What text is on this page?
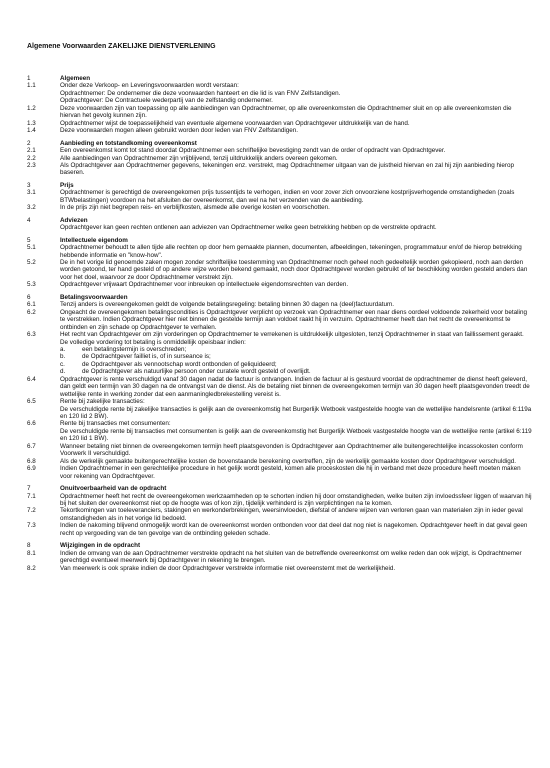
Algemene Voorwaarden ZAKELIJKE DIENSTVERLENING
1	Algemeen
1.1	Onder deze Verkoop- en Leveringsvoorwaarden wordt verstaan:
Opdrachtnemer: De ondernemer die deze voorwaarden hanteert en die lid is van FNV Zelfstandigen.
Opdrachtgever: De Contractuele wederpartij van de zelfstandig ondernemer.
1.2	Deze voorwaarden zijn van toepassing op alle aanbiedingen van Opdrachtnemer, op alle overeenkomsten die Opdrachtnemer sluit en op alle overeenkomsten die hiervan het gevolg kunnen zijn.
1.3	Opdrachtnemer wijst de toepasselijkheid van eventuele algemene voorwaarden van Opdrachtgever uitdrukkelijk van de hand.
1.4	Deze voorwaarden mogen alleen gebruikt worden door leden van FNV Zelfstandigen.
2	Aanbieding en totstandkoming overeenkomst
2.1	Een overeenkomst komt tot stand doordat Opdrachtnemer een schriftelijke bevestiging zendt van de order of opdracht van Opdrachtgever.
2.2	Alle aanbiedingen van Opdrachtnemer zijn vrijblijvend, tenzij uitdrukkelijk anders overeen gekomen.
2.3	Als Opdrachtgever aan Opdrachtnemer gegevens, tekeningen enz. verstrekt, mag Opdrachtnemer uitgaan van de juistheid hiervan en zal hij zijn aanbieding hierop baseren.
3	Prijs
3.1	Opdrachtnemer is gerechtigd de overeengekomen prijs tussentijds te verhogen, indien en voor zover zich onvoorziene kostprijsverhogende omstandigheden (zoals BTWbelastingen) voordoen na het afsluiten der overeenkomst, dan wel na het verzenden van de aanbieding.
3.2	In de prijs zijn niet begrepen reis- en verblijfkosten, alsmede alle overige kosten en voorschotten.
4	Adviezen
Opdrachtgever kan geen rechten ontlenen aan adviezen van Opdrachtnemer welke geen betrekking hebben op de verstrekte opdracht.
5	Intellectuele eigendom
5.1	Opdrachtnemer behoudt te allen tijde alle rechten op door hem gemaakte plannen, documenten, afbeeldingen, tekeningen, programmatuur en/of de hierop betrekking hebbende informatie en "know-how".
5.2	De in het vorige lid genoemde zaken mogen zonder schriftelijke toestemming van Opdrachtnemer noch geheel noch gedeeltelijk worden gekopieerd, noch aan derden worden getoond, ter hand gesteld of op andere wijze worden bekend gemaakt, noch door Opdrachtgever worden gebruikt of ter beschikking worden gesteld anders dan voor het doel, waarvoor ze door Opdrachtnemer verstrekt zijn.
5.3	Opdrachtgever vrijwaart Opdrachtnemer voor inbreuken op intellectuele eigendomsrechten van derden.
6	Betalingsvoorwaarden
6.1	Tenzij anders is overeengekomen geldt de volgende betalingsregeling: betaling binnen 30 dagen na (deel)factuurdatum.
6.2	Ongeacht de overeengekomen betalingscondities is Opdrachtgever verplicht op verzoek van Opdrachtnemer een naar diens oordeel voldoende zekerheid voor betaling te verstrekken. Indien Opdrachtgever hier niet binnen de gestelde termijn aan voldoet raakt hij in verzuim. Opdrachtnemer heeft dan het recht de overeenkomst te ontbinden en zijn schade op Opdrachtgever te verhalen.
6.3	Het recht van Opdrachtgever om zijn vorderingen op Opdrachtnemer te verrekenen is uitdrukkelijk uitgesloten, tenzij Opdrachtnemer in staat van faillissement geraakt. De volledige vordering tot betaling is onmiddellijk opeisbaar indien:
a.	een betalingstermijn is overschreden;
b.	de Opdrachtgever failliet is, of in surseance is;
c.	de Opdrachtgever als vennootschap wordt ontbonden of geliquideerd;
d.	de Opdrachtgever als natuurlijke persoon onder curatele wordt gesteld of overlijdt.
6.4	Opdrachtgever is rente verschuldigd vanaf 30 dagen nadat de factuur is ontvangen. Indien de factuur al is gestuurd voordat de opdrachtnemer de dienst heeft geleverd, dan geldt een termijn van 30 dagen na de ontvangst van de dienst. Als de betaling niet binnen de overeengekomen termijn van 30 dagen heeft plaatsgevonden treedt de wettelijke rente in werking zonder dat een aanmaningledbrekestelling vereist is.
6.5	Rente bij zakelijke transacties:
De verschuldigde rente bij zakelijke transacties is gelijk aan de overeenkomstig het Burgerlijk Wetboek vastgestelde hoogte van de wettelijke handelsrente (artikel 6:119a en 120 lid 2 BW).
6.6	Rente bij transacties met consumenten:
De verschuldigde rente bij transacties met consumenten is gelijk aan de overeenkomstig het Burgerlijk Wetboek vastgestelde hoogte van de wettelijke rente (artikel 6:119 en 120 lid 1 BW).
6.7	Wanneer betaling niet binnen de overeengekomen termijn heeft plaatsgevonden is Opdrachtgever aan Opdrachtnemer alle buitengerechtelijke incassokosten conform Voorwerk II verschuldigd.
6.8	Als de werkelijk gemaakte buitengerechtelijke kosten de bovenstaande berekening overtreffen, zijn de werkelijk gemaakte kosten door Opdrachtgever verschuldigd.
6.9	Indien Opdrachtnemer in een gerechtelijke procedure in het gelijk wordt gesteld, komen alle proceskosten die hij in verband met deze procedure heeft moeten maken voor rekening van Opdrachtgever.
7	Onuitvoerbaarheid van de opdracht
7.1	Opdrachtnemer heeft het recht de overeengekomen werkzaamheden op te schorten indien hij door omstandigheden, welke buiten zijn invloedssfeer liggen of waarvan hij bij het sluiten der overeenkomst niet op de hoogte was of kon zijn, tijdelijk verhinderd is zijn verplichtingen na te komen.
7.2	Tekortkomingen van toeleveranciers, stakingen en werkonderbrekingen, weersinvloeden, diefstal of andere wijzen van verloren gaan van materialen zijn in ieder geval omstandigheden als in het vorige lid bedoeld.
7.3	Indien de nakoming blijvend onmogelijk wordt kan de overeenkomst worden ontbonden voor dat deel dat nog niet is nagekomen. Opdrachtgever heeft in dat geval geen recht op vergoeding van de ten gevolge van de ontbinding geleden schade.
8	Wijzigingen in de opdracht
8.1	Indien de omvang van de aan Opdrachtnemer verstrekte opdracht na het sluiten van de betreffende overeenkomst om welke reden dan ook wijzigt, is Opdrachtnemer gerechtigd eventueel meerwerk bij Opdrachtgever in rekening te brengen.
8.2	Van meerwerk is ook sprake indien de door Opdrachtgever verstrekte informatie niet overeenstemt met de werkelijkheid.
